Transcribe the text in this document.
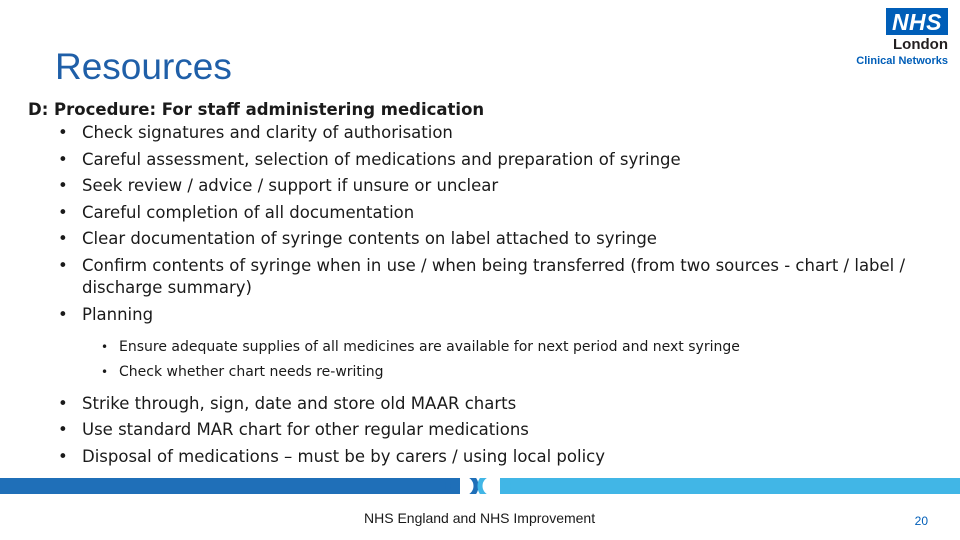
Resources
NHS
London
Clinical Networks
D: Procedure: For staff administering medication
• Check signatures and clarity of authorisation
• Careful assessment, selection of medications and preparation of syringe
• Seek review / advice / support if unsure or unclear
• Careful completion of all documentation
• Clear documentation of syringe contents on label attached to syringe
• Confirm contents of syringe when in use / when being transferred (from two sources - chart / label / discharge summary)
• Planning
• Ensure adequate supplies of all medicines are available for next period and next syringe
• Check whether chart needs re-writing
• Strike through, sign, date and store old MAAR charts
• Use standard MAR chart for other regular medications
• Disposal of medications – must be by carers / using local policy
NHS England and NHS Improvement	20
